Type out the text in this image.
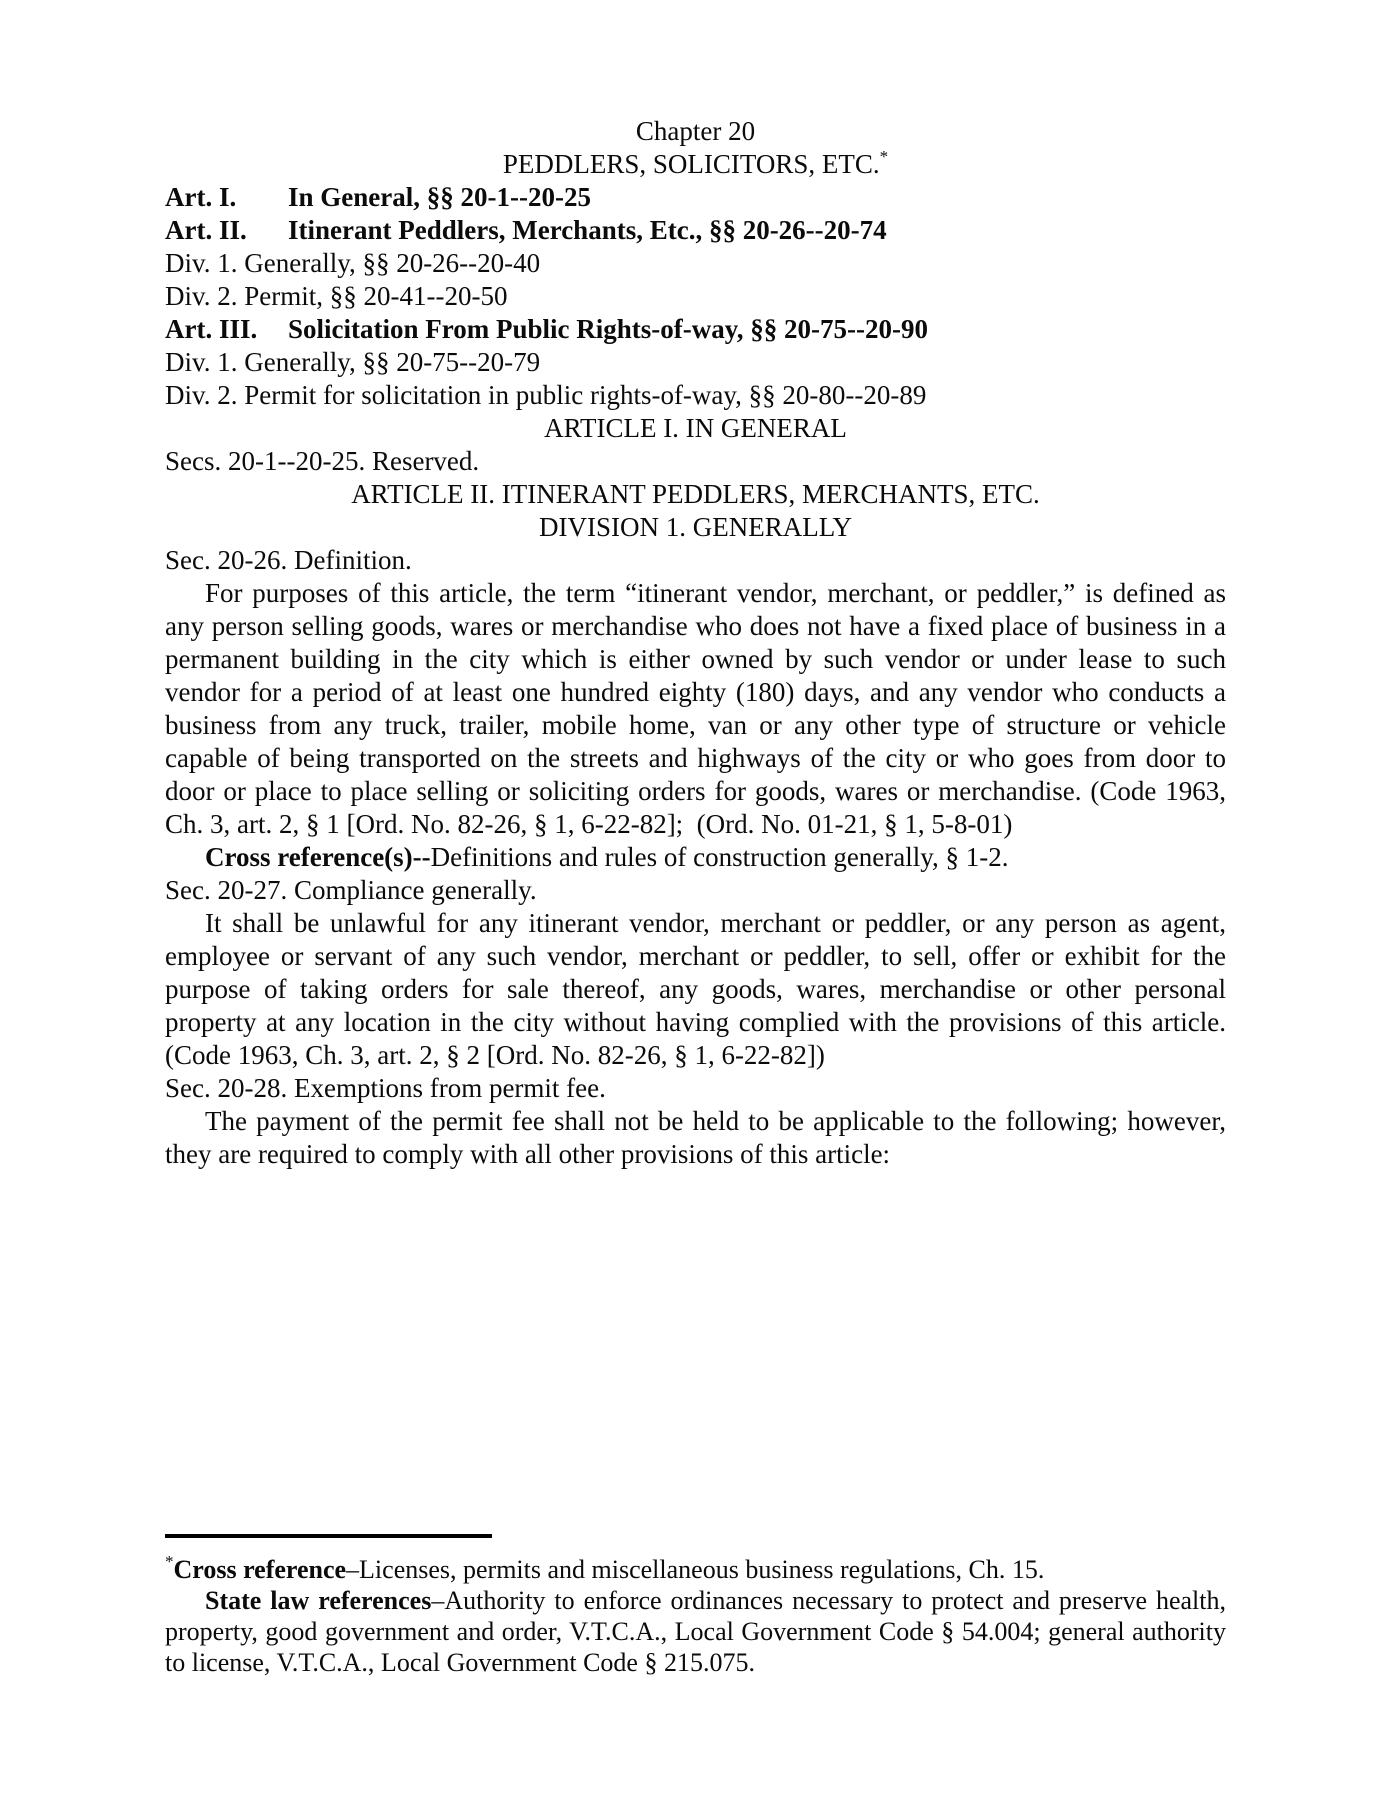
Chapter 20
PEDDLERS, SOLICITORS, ETC.*
Art. I.	In General, §§ 20-1--20-25
Art. II.	Itinerant Peddlers, Merchants, Etc., §§ 20-26--20-74
Div. 1. Generally, §§ 20-26--20-40
Div. 2. Permit, §§ 20-41--20-50
Art. III.	Solicitation From Public Rights-of-way, §§ 20-75--20-90
Div. 1. Generally, §§ 20-75--20-79
Div. 2. Permit for solicitation in public rights-of-way, §§ 20-80--20-89
ARTICLE I. IN GENERAL
Secs. 20-1--20-25. Reserved.
ARTICLE II. ITINERANT PEDDLERS, MERCHANTS, ETC.
DIVISION 1. GENERALLY
Sec. 20-26. Definition.

For purposes of this article, the term “itinerant vendor, merchant, or peddler,” is defined as any person selling goods, wares or merchandise who does not have a fixed place of business in a permanent building in the city which is either owned by such vendor or under lease to such vendor for a period of at least one hundred eighty (180) days, and any vendor who conducts a business from any truck, trailer, mobile home, van or any other type of structure or vehicle capable of being transported on the streets and highways of the city or who goes from door to door or place to place selling or soliciting orders for goods, wares or merchandise. (Code 1963, Ch. 3, art. 2, § 1 [Ord. No. 82-26, § 1, 6-22-82];  (Ord. No. 01-21, § 1, 5-8-01)

Cross reference(s)--Definitions and rules of construction generally, § 1-2.

Sec. 20-27. Compliance generally.

It shall be unlawful for any itinerant vendor, merchant or peddler, or any person as agent, employee or servant of any such vendor, merchant or peddler, to sell, offer or exhibit for the purpose of taking orders for sale thereof, any goods, wares, merchandise or other personal property at any location in the city without having complied with the provisions of this article. (Code 1963, Ch. 3, art. 2, § 2 [Ord. No. 82-26, § 1, 6-22-82])

Sec. 20-28. Exemptions from permit fee.

The payment of the permit fee shall not be held to be applicable to the following; however, they are required to comply with all other provisions of this article:

*Cross reference–Licenses, permits and miscellaneous business regulations, Ch. 15.

State law references–Authority to enforce ordinances necessary to protect and preserve health, property, good government and order, V.T.C.A., Local Government Code § 54.004; general authority to license, V.T.C.A., Local Government Code § 215.075.
